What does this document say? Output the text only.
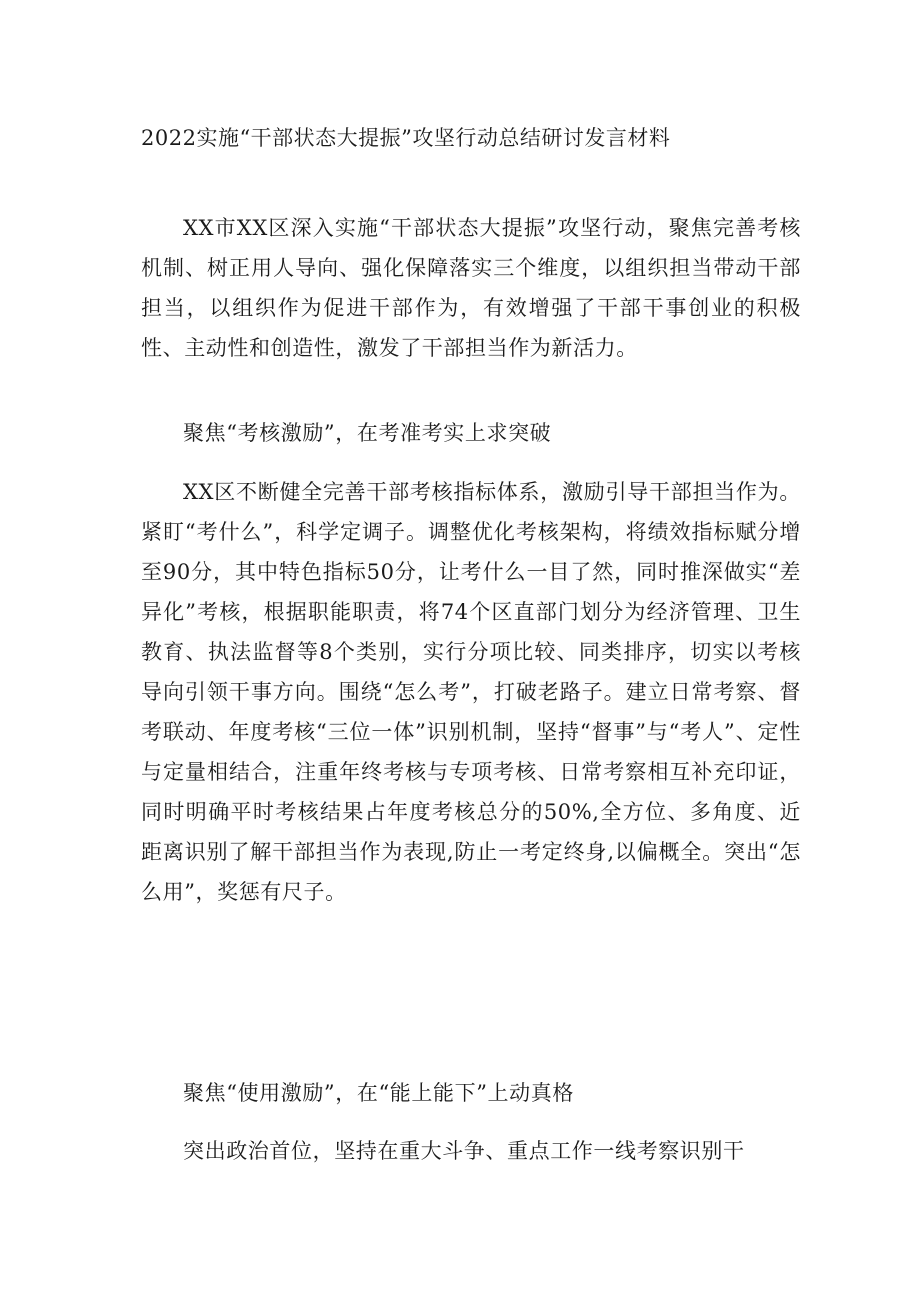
2022实施“干部状态大提振”攻坚行动总结研讨发言材料

XX市XX区深入实施“干部状态大提振”攻坚行动，聚焦完善考核机制、树正用人导向、强化保障落实三个维度，以组织担当带动干部担当，以组织作为促进干部作为，有效增强了干部干事创业的积极性、主动性和创造性，激发了干部担当作为新活力。

聚焦“考核激励”，在考准考实上求突破

XX区不断健全完善干部考核指标体系，激励引导干部担当作为。紧盯“考什么”，科学定调子。调整优化考核架构，将绩效指标赋分增至90分，其中特色指标50分，让考什么一目了然，同时推深做实“差异化”考核，根据职能职责，将74个区直部门划分为经济管理、卫生教育、执法监督等8个类别，实行分项比较、同类排序，切实以考核导向引领干事方向。围绕“怎么考”，打破老路子。建立日常考察、督考联动、年度考核“三位一体”识别机制，坚持“督事”与“考人”、定性与定量相结合，注重年终考核与专项考核、日常考察相互补充印证，同时明确平时考核结果占年度考核总分的50%,全方位、多角度、近距离识别了解干部担当作为表现,防止一考定终身,以偏概全。突出“怎么用”，奖惩有尺子。

聚焦“使用激励”，在“能上能下”上动真格

突出政治首位，坚持在重大斗争、重点工作一线考察识别干
